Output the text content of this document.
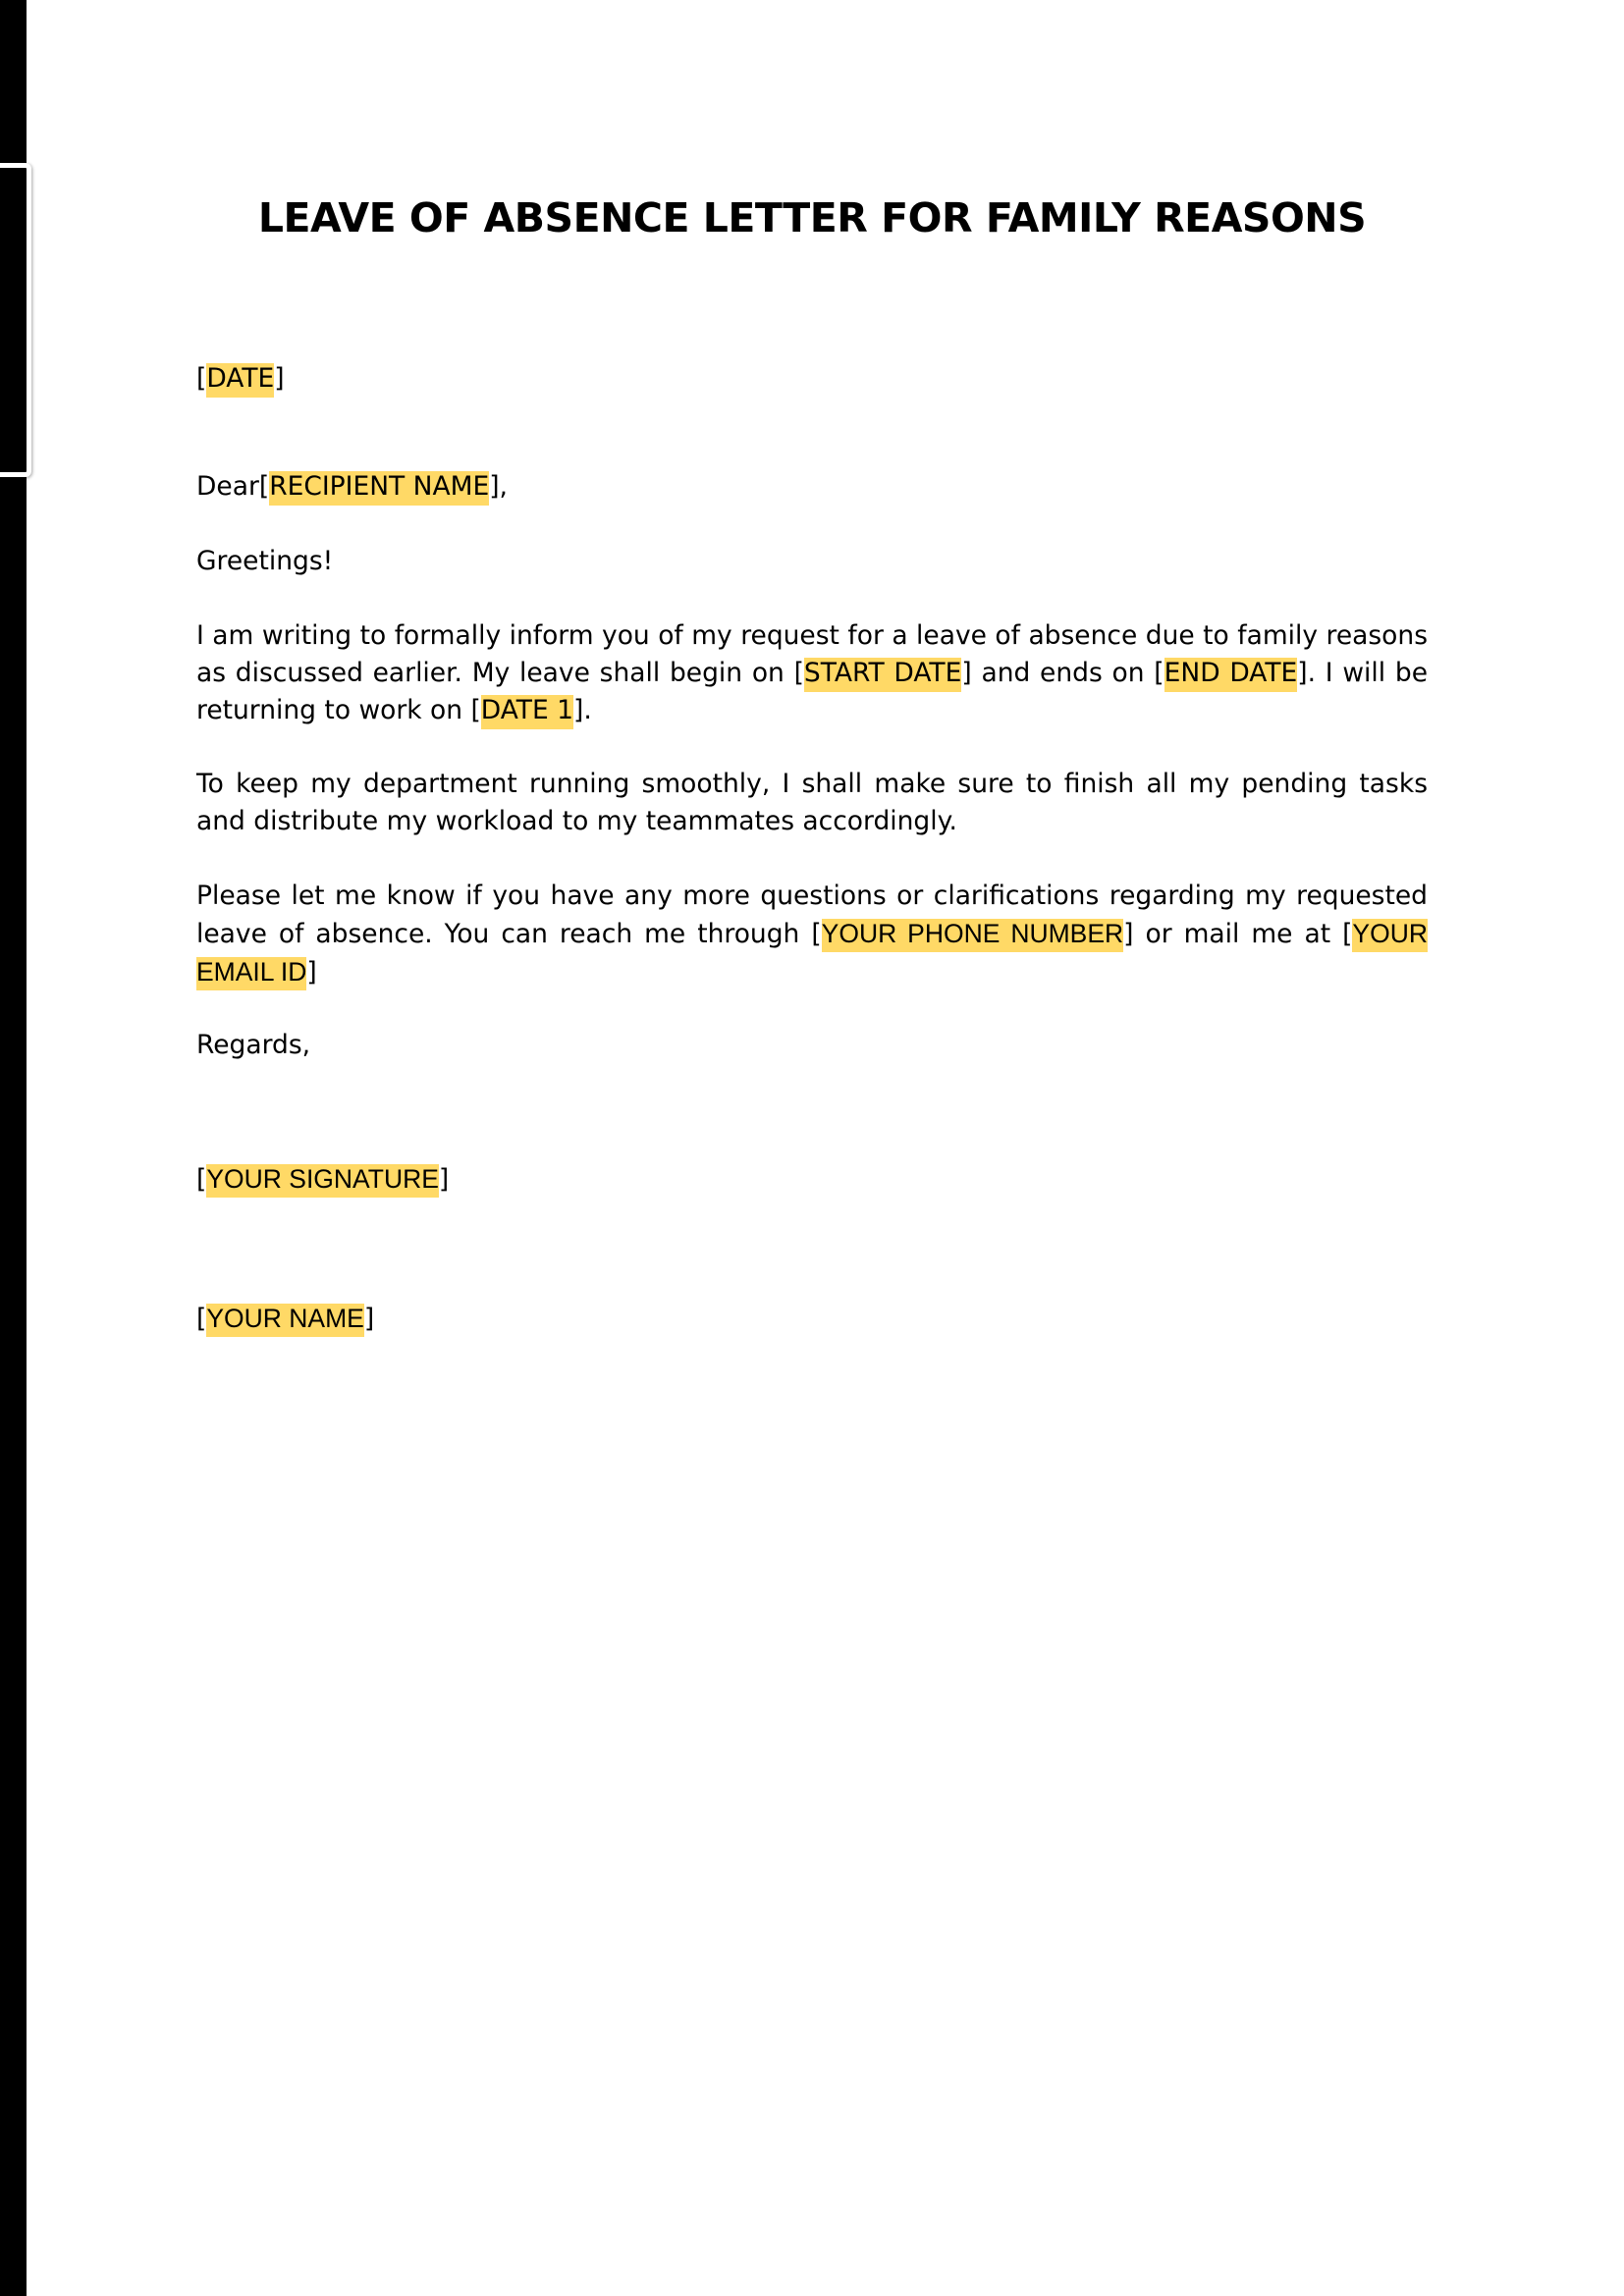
LEAVE OF ABSENCE LETTER FOR FAMILY REASONS

[DATE]

Dear[RECIPIENT NAME],

Greetings!

I am writing to formally inform you of my request for a leave of absence due to family reasons as discussed earlier. My leave shall begin on [START DATE] and ends on [END DATE]. I will be returning to work on [DATE 1].

To keep my department running smoothly, I shall make sure to finish all my pending tasks and distribute my workload to my teammates accordingly.

Please let me know if you have any more questions or clarifications regarding my requested leave of absence. You can reach me through [YOUR PHONE NUMBER] or mail me at [YOUR EMAIL ID]

Regards,

[YOUR SIGNATURE]

[YOUR NAME]
